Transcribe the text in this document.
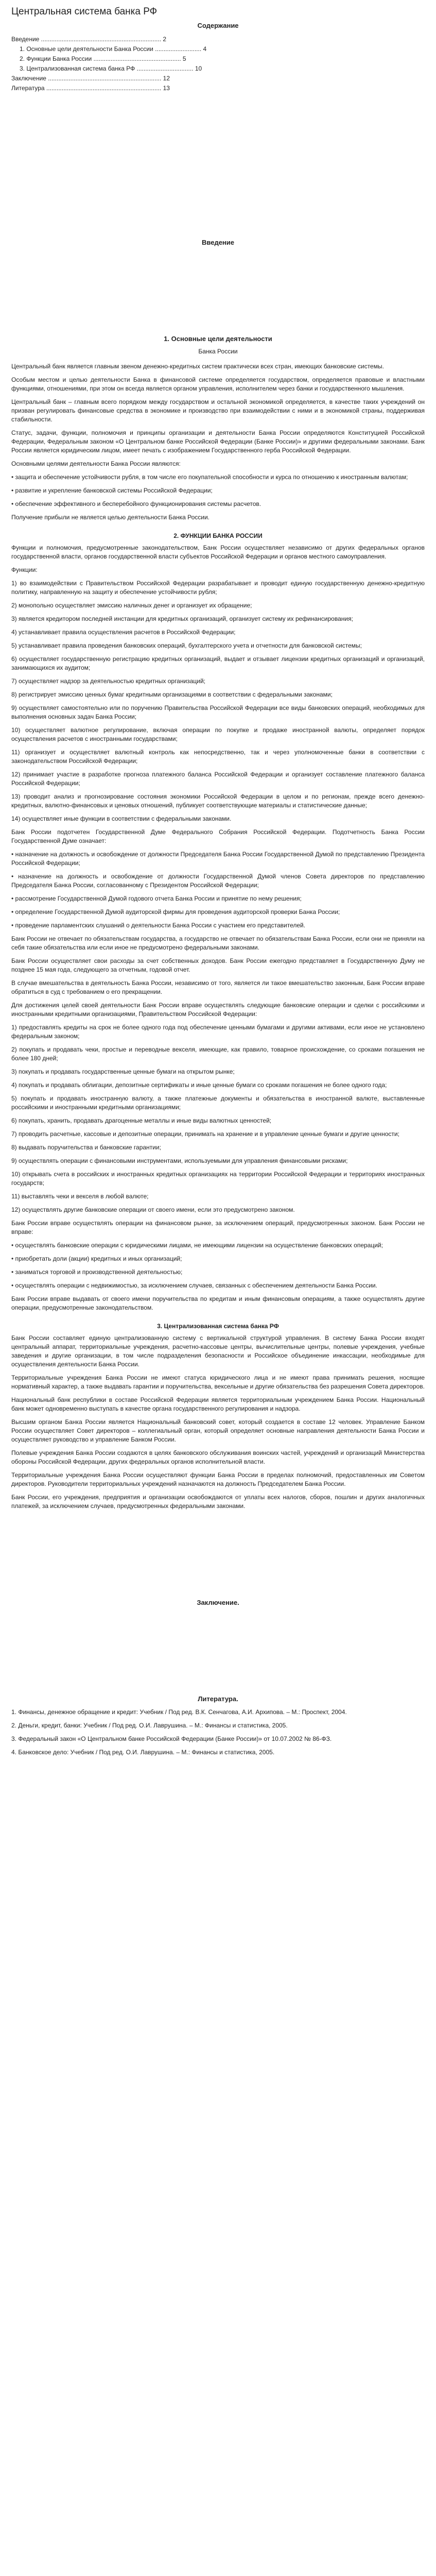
Центральная система банка РФ
Содержание
Введение ...................................................................... 2
1. Основные цели деятельности Банка России ........................... 4
2. Функции Банка России ................................................... 5
3. Централизованная система банка РФ ................................. 10
Заключение .................................................................. 12
Литература ................................................................... 13
Введение
1. Основные цели деятельности
Банка России

Центральный банк является главным звеном денежно-кредитных систем практически всех стран, имеющих банковские системы.

Особым местом и целью деятельности Банка в финансовой системе определяется государством, определяется правовые и властными функциями, отношениями, при этом он всегда является органом управления, исполнителем через банки и государственного мышления.

Центральный банк – главным всего порядком между государством и остальной экономикой определяется, в качестве таких учреждений он призван регулировать финансовые средства в экономике и производство при взаимодействии с ними и в экономикой страны, поддерживая стабильности.

Статус, задачи, функции, полномочия и принципы организации и деятельности Банка России определяются Конституцией Российской Федерации, Федеральным законом «О Центральном банке Российской Федерации (Банке России)» и другими федеральными законами. Банк России является юридическим лицом, имеет печать с изображением Государственного герба Российской Федерации.

Основными целями деятельности Банка России являются:

• защита и обеспечение устойчивости рубля, в том числе его покупательной способности и курса по отношению к иностранным валютам;

• развитие и укрепление банковской системы Российской Федерации;

• обеспечение эффективного и бесперебойного функционирования системы расчетов.

Получение прибыли не является целью деятельности Банка России.

2. ФУНКЦИИ БАНКА РОССИИ

Функции и полномочия, предусмотренные законодательством, Банк России осуществляет независимо от других федеральных органов государственной власти, органов государственной власти субъектов Российской Федерации и органов местного самоуправления.

Функции:

1) во взаимодействии с Правительством Российской Федерации разрабатывает и проводит единую государственную денежно-кредитную политику, направленную на защиту и обеспечение устойчивости рубля;

2) монопольно осуществляет эмиссию наличных денег и организует их обращение;

3) является кредитором последней инстанции для кредитных организаций, организует систему их рефинансирования;

4) устанавливает правила осуществления расчетов в Российской Федерации;

5) устанавливает правила проведения банковских операций, бухгалтерского учета и отчетности для банковской системы;

6) осуществляет государственную регистрацию кредитных организаций, выдает и отзывает лицензии кредитных организаций и организаций, занимающихся их аудитом;

7) осуществляет надзор за деятельностью кредитных организаций;

8) регистрирует эмиссию ценных бумаг кредитными организациями в соответствии с федеральными законами;

9) осуществляет самостоятельно или по поручению Правительства Российской Федерации все виды банковских операций, необходимых для выполнения основных задач Банка России;

10) осуществляет валютное регулирование, включая операции по покупке и продаже иностранной валюты, определяет порядок осуществления расчетов с иностранными государствами;

11) организует и осуществляет валютный контроль как непосредственно, так и через уполномоченные банки в соответствии с законодательством Российской Федерации;

12) принимает участие в разработке прогноза платежного баланса Российской Федерации и организует составление платежного баланса Российской Федерации;

13) проводит анализ и прогнозирование состояния экономики Российской Федерации в целом и по регионам, прежде всего денежно-кредитных, валютно-финансовых и ценовых отношений, публикует соответствующие материалы и статистические данные;

14) осуществляет иные функции в соответствии с федеральными законами.

Банк России подотчетен Государственной Думе Федерального Собрания Российской Федерации. Подотчетность Банка России Государственной Думе означает:

• назначение на должность и освобождение от должности Председателя Банка России Государственной Думой по представлению Президента Российской Федерации;

• назначение на должность и освобождение от должности Государственной Думой членов Совета директоров по представлению Председателя Банка России, согласованному с Президентом Российской Федерации;

• рассмотрение Государственной Думой годового отчета Банка России и принятие по нему решения;

• определение Государственной Думой аудиторской фирмы для проведения аудиторской проверки Банка России;

• проведение парламентских слушаний о деятельности Банка России с участием его представителей.

Банк России не отвечает по обязательствам государства, а государство не отвечает по обязательствам Банка России, если они не приняли на себя такие обязательства или если иное не предусмотрено федеральными законами.

Банк России осуществляет свои расходы за счет собственных доходов. Банк России ежегодно представляет в Государственную Думу не позднее 15 мая года, следующего за отчетным, годовой отчет.

В случае вмешательства в деятельность Банка России, независимо от того, является ли такое вмешательство законным, Банк России вправе обратиться в суд с требованием о его прекращении.

Для достижения целей своей деятельности Банк России вправе осуществлять следующие банковские операции и сделки с российскими и иностранными кредитными организациями, Правительством Российской Федерации:

1) предоставлять кредиты на срок не более одного года под обеспечение ценными бумагами и другими активами, если иное не установлено федеральным законом;

2) покупать и продавать чеки, простые и переводные векселя, имеющие, как правило, товарное происхождение, со сроками погашения не более 180 дней;

3) покупать и продавать государственные ценные бумаги на открытом рынке;

4) покупать и продавать облигации, депозитные сертификаты и иные ценные бумаги со сроками погашения не более одного года;

5) покупать и продавать иностранную валюту, а также платежные документы и обязательства в иностранной валюте, выставленные российскими и иностранными кредитными организациями;

6) покупать, хранить, продавать драгоценные металлы и иные виды валютных ценностей;

7) проводить расчетные, кассовые и депозитные операции, принимать на хранение и в управление ценные бумаги и другие ценности;

8) выдавать поручительства и банковские гарантии;

9) осуществлять операции с финансовыми инструментами, используемыми для управления финансовыми рисками;

10) открывать счета в российских и иностранных кредитных организациях на территории Российской Федерации и территориях иностранных государств;

11) выставлять чеки и векселя в любой валюте;

12) осуществлять другие банковские операции от своего имени, если это предусмотрено законом.

Банк России вправе осуществлять операции на финансовом рынке, за исключением операций, предусмотренных законом. Банк России не вправе:

• осуществлять банковские операции с юридическими лицами, не имеющими лицензии на осуществление банковских операций;

• приобретать доли (акции) кредитных и иных организаций;

• заниматься торговой и производственной деятельностью;

• осуществлять операции с недвижимостью, за исключением случаев, связанных с обеспечением деятельности Банка России.

Банк России вправе выдавать от своего имени поручительства по кредитам и иным финансовым операциям, а также осуществлять другие операции, предусмотренные законодательством.

3. Централизованная система банка РФ

Банк России составляет единую централизованную систему с вертикальной структурой управления. В систему Банка России входят центральный аппарат, территориальные учреждения, расчетно-кассовые центры, вычислительные центры, полевые учреждения, учебные заведения и другие организации, в том числе подразделения безопасности и Российское объединение инкассации, необходимые для осуществления деятельности Банка России.

Территориальные учреждения Банка России не имеют статуса юридического лица и не имеют права принимать решения, носящие нормативный характер, а также выдавать гарантии и поручительства, вексельные и другие обязательства без разрешения Совета директоров.

Национальный банк республики в составе Российской Федерации является территориальным учреждением Банка России. Национальный банк может одновременно выступать в качестве органа государственного регулирования и надзора.

Высшим органом Банка России является Национальный банковский совет, который создается в составе 12 человек. Управление Банком России осуществляет Совет директоров – коллегиальный орган, который определяет основные направления деятельности Банка России и осуществляет руководство и управление Банком России.

Полевые учреждения Банка России создаются в целях банковского обслуживания воинских частей, учреждений и организаций Министерства обороны Российской Федерации, других федеральных органов исполнительной власти.

Территориальные учреждения Банка России осуществляют функции Банка России в пределах полномочий, предоставленных им Советом директоров. Руководители территориальных учреждений назначаются на должность Председателем Банка России.

Банк России, его учреждения, предприятия и организации освобождаются от уплаты всех налогов, сборов, пошлин и других аналогичных платежей, за исключением случаев, предусмотренных федеральными законами.

Заключение.
Литература.

1. Финансы, денежное обращение и кредит: Учебник / Под ред. В.К. Сенчагова, А.И. Архипова. – М.: Проспект, 2004.

2. Деньги, кредит, банки: Учебник / Под ред. О.И. Лаврушина. – М.: Финансы и статистика, 2005.

3. Федеральный закон «О Центральном банке Российской Федерации (Банке России)» от 10.07.2002 № 86-ФЗ.

4. Банковское дело: Учебник / Под ред. О.И. Лаврушина. – М.: Финансы и статистика, 2005.
